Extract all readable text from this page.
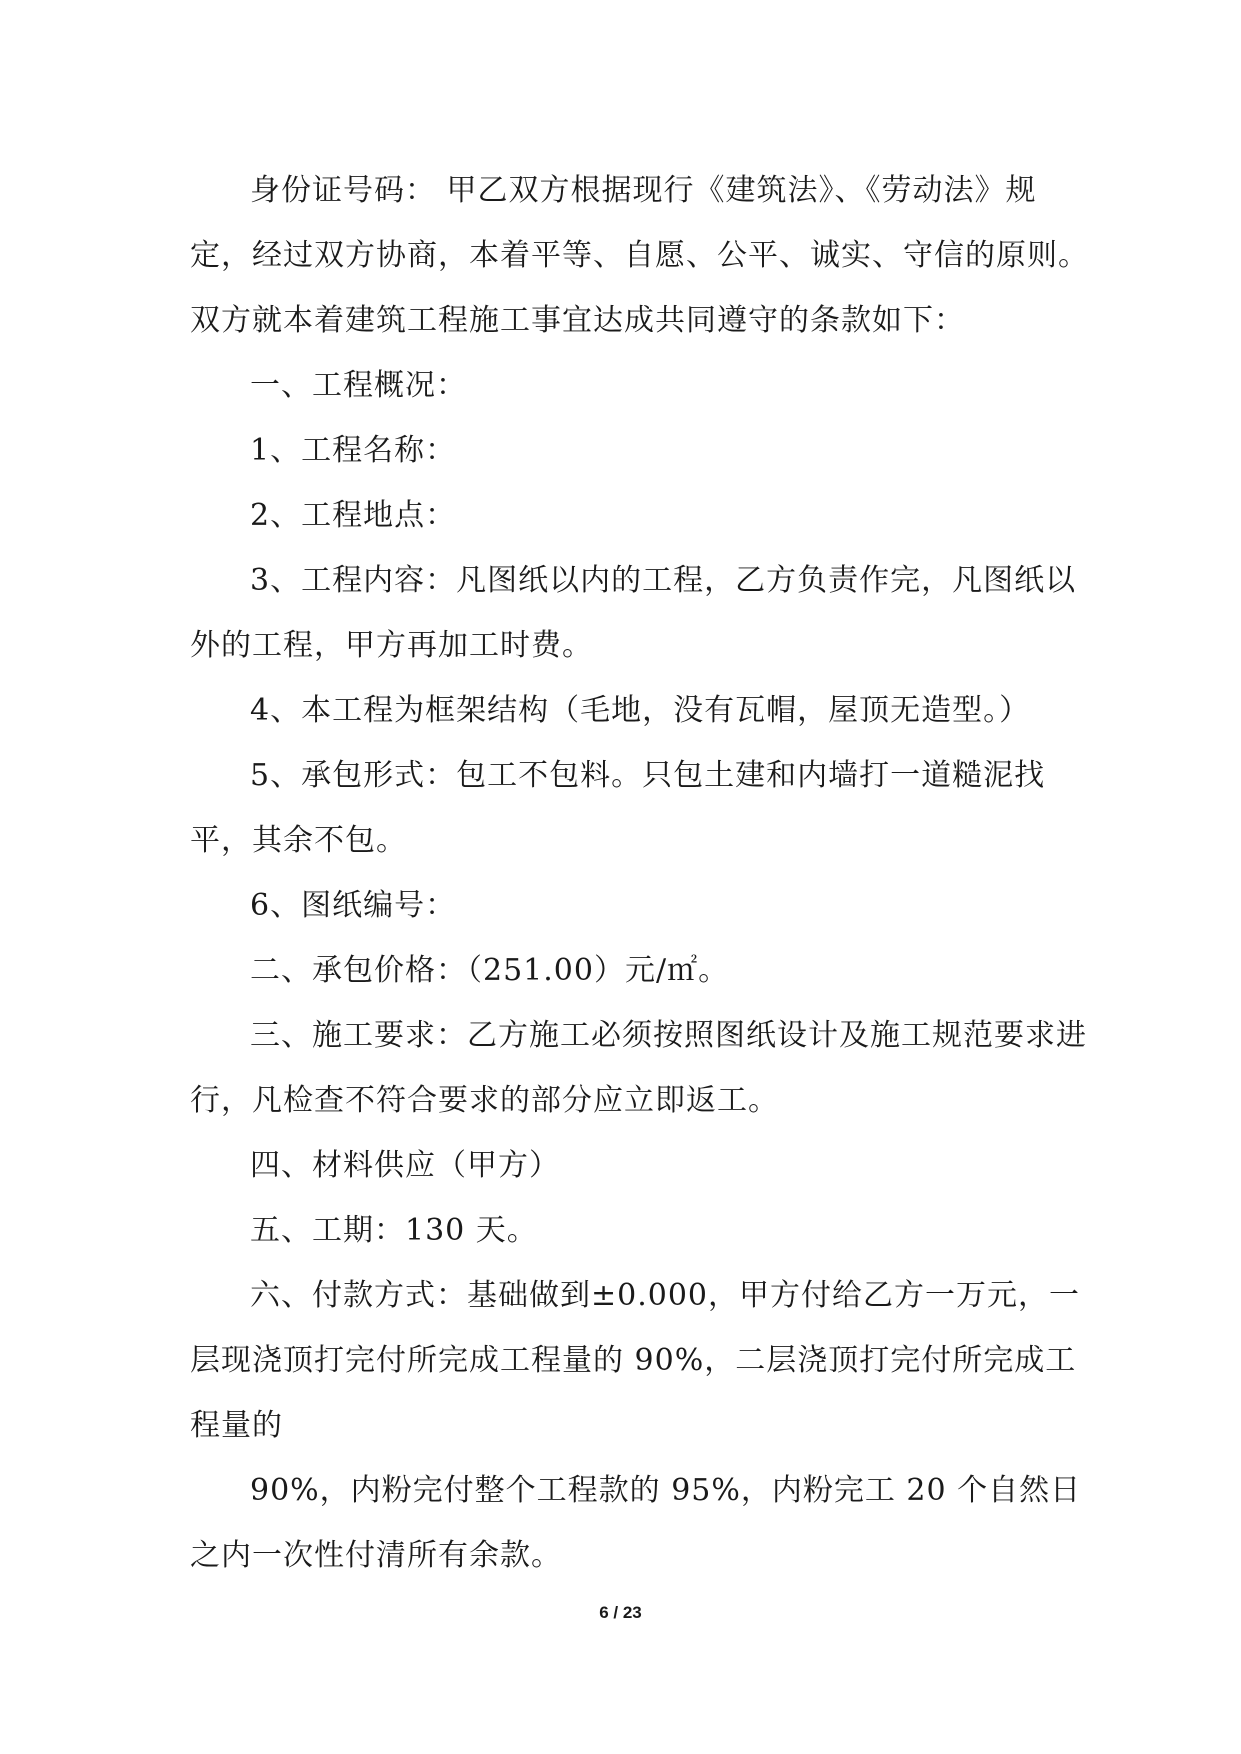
身份证号码： 甲乙双方根据现行《建筑法》、《劳动法》规定，经过双方协商，本着平等、自愿、公平、诚实、守信的原则。双方就本着建筑工程施工事宜达成共同遵守的条款如下：

一、工程概况：

1、工程名称：

2、工程地点：

3、工程内容：凡图纸以内的工程，乙方负责作完，凡图纸以外的工程，甲方再加工时费。

4、本工程为框架结构（毛地，没有瓦帽，屋顶无造型。）

5、承包形式：包工不包料。只包土建和内墙打一道糙泥找平，其余不包。

6、图纸编号：

二、承包价格：（251.00）元/㎡。

三、施工要求：乙方施工必须按照图纸设计及施工规范要求进行，凡检查不符合要求的部分应立即返工。

四、材料供应（甲方）

五、工期：130 天。

六、付款方式：基础做到±0.000，甲方付给乙方一万元，一层现浇顶打完付所完成工程量的 90%，二层浇顶打完付所完成工程量的

90%，内粉完付整个工程款的 95%，内粉完工 20 个自然日之内一次性付清所有余款。

6 / 23
